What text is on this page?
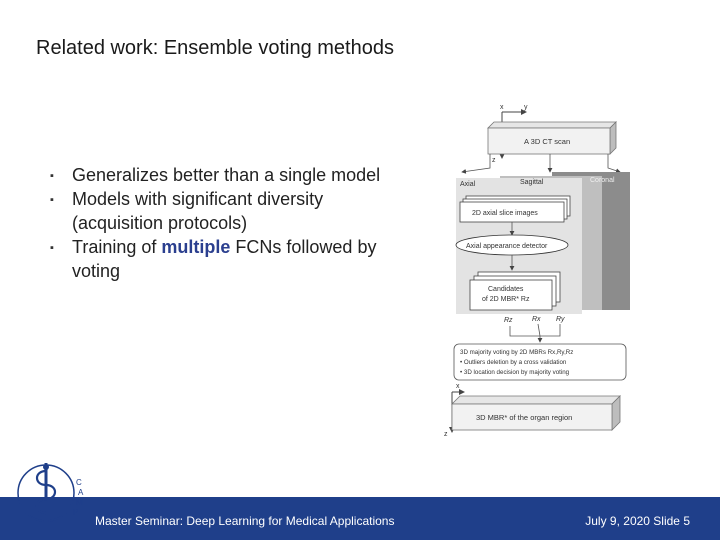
Related work: Ensemble voting methods
▪ Generalizes better than a single model
▪ Models with significant diversity (acquisition protocols)
▪ Training of multiple FCNs followed by voting
x	y
z
A 3D CT scan
Axial	Sagittal	Coronal
2D axial slice images
Axial appearance detector
Candidates
of 2D MBR* Rz
Rz	Rx Ry
3D majority voting by 2D MBRs Rx,Ry,Rz
• Outliers deletion by a cross validation
• 3D location decision by majority voting
x
z
3D MBR* of the organ region
Master Seminar: Deep Learning for Medical Applications	July 9, 2020 Slide 5
C
A
M
P
